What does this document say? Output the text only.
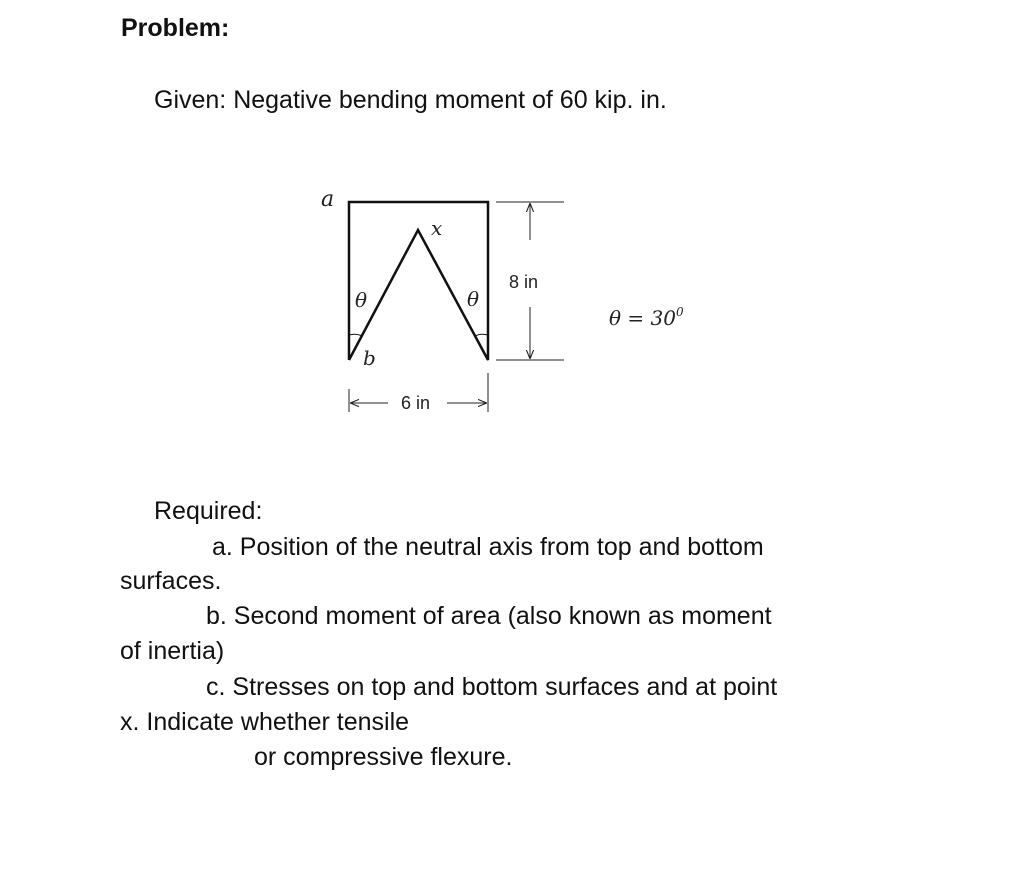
Problem:

Given: Negative bending moment of 60 kip. in.

8 in
6 in
a
x
b
θ	θ
$\theta = 30^0$

Required:

a. Position of the neutral axis from top and bottom

surfaces.

b. Second moment of area (also known as moment

of inertia)

c. Stresses on top and bottom surfaces and at point

x. Indicate whether tensile

or compressive flexure.
